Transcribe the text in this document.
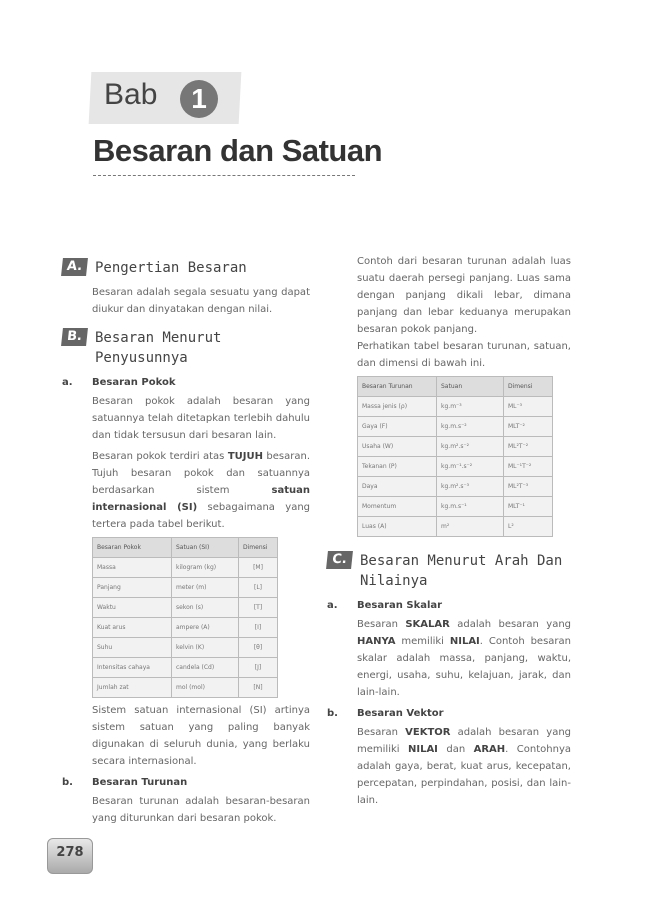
Bab	1
Besaran dan Satuan
A. Pengertian Besaran

Besaran adalah segala sesuatu yang dapat diukur dan dinyatakan dengan nilai.

B. Besaran Menurut Penyusunnya
a.	Besaran Pokok

Besaran pokok adalah besaran yang satuannya telah ditetapkan terlebih dahulu dan tidak tersusun dari besaran lain.

Besaran pokok terdiri atas TUJUH besaran. Tujuh besaran pokok dan satuannya berdasarkan sistem satuan internasional (SI) sebagaimana yang tertera pada tabel berikut.

Besaran Pokok	Satuan (SI)	Dimensi
Massa	kilogram (kg)	[M]
Panjang	meter (m)	[L]
Waktu	sekon (s)	[T]
Kuat arus	ampere (A)	[I]
Suhu	kelvin (K)	[θ]
Intensitas cahaya	candela (Cd)	[J]
Jumlah zat	mol (mol)	[N]

Sistem satuan internasional (SI) artinya sistem satuan yang paling banyak digunakan di seluruh dunia, yang berlaku secara internasional.

b.	Besaran Turunan

Besaran turunan adalah besaran-besaran yang diturunkan dari besaran pokok.

Contoh dari besaran turunan adalah luas suatu daerah persegi panjang. Luas sama dengan panjang dikali lebar, dimana panjang dan lebar keduanya merupakan besaran pokok panjang.

Perhatikan tabel besaran turunan, satuan, dan dimensi di bawah ini.

Besaran Turunan	Satuan	Dimensi
Massa jenis (ρ)	kg.m⁻³	ML⁻³
Gaya (F)	kg.m.s⁻²	MLT⁻²
Usaha (W)	kg.m².s⁻²	ML²T⁻²
Tekanan (P)	kg.m⁻¹.s⁻²	ML⁻¹T⁻²
Daya	kg.m².s⁻³	ML²T⁻³
Momentum	kg.m.s⁻¹	MLT⁻¹
Luas (A)	m²	L²
C. Besaran Menurut Arah Dan Nilainya
a.	Besaran Skalar

Besaran SKALAR adalah besaran yang HANYA memiliki NILAI. Contoh besaran skalar adalah massa, panjang, waktu, energi, usaha, suhu, kelajuan, jarak, dan lain-lain.

b.	Besaran Vektor

Besaran VEKTOR adalah besaran yang memiliki NILAI dan ARAH. Contohnya adalah gaya, berat, kuat arus, kecepatan, percepatan, perpindahan, posisi, dan lain-lain.

278
